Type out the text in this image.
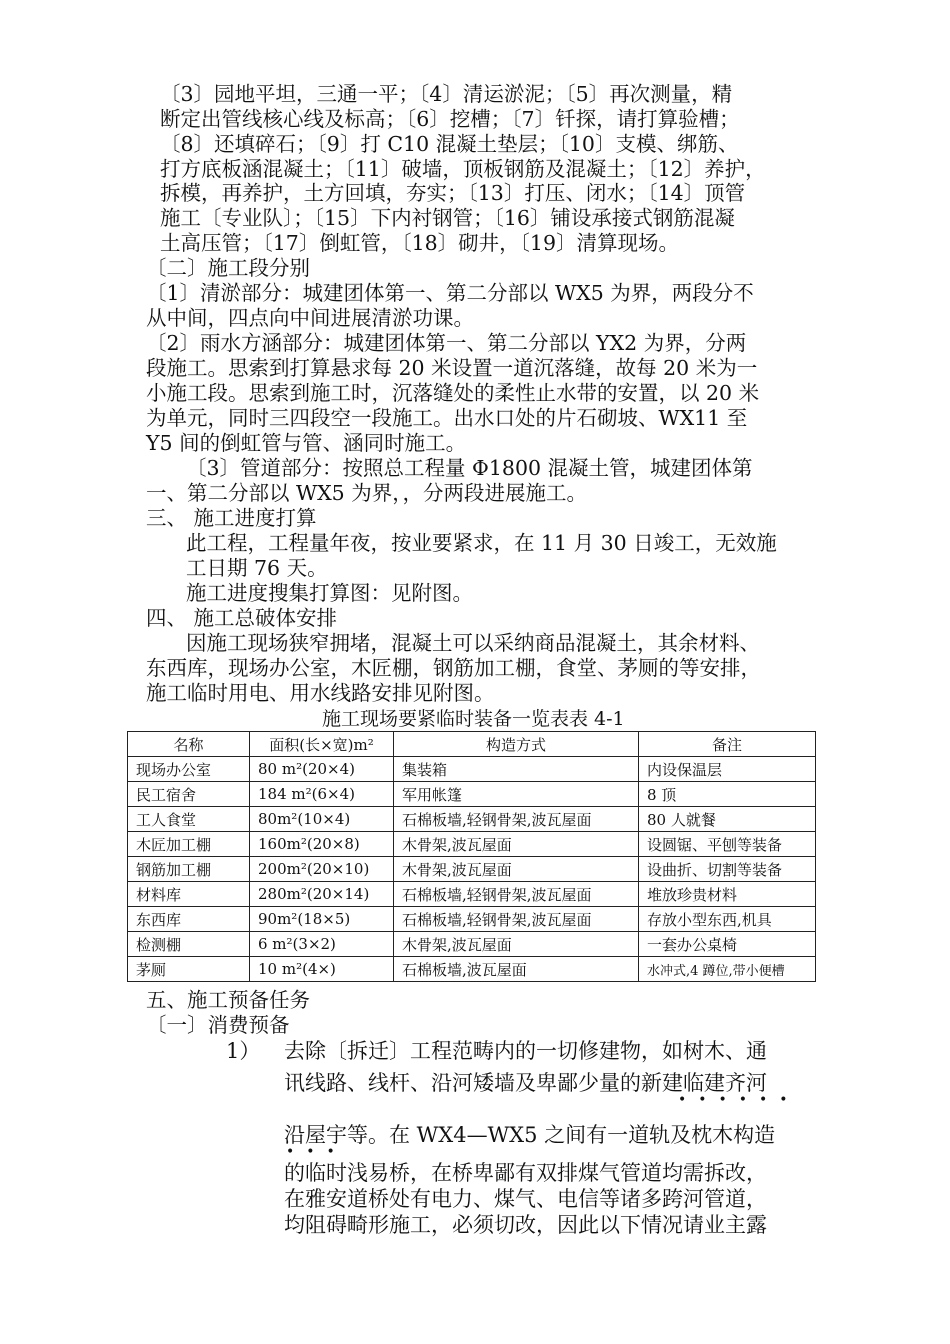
〔3〕园地平坦，三通一平；〔4〕清运淤泥；〔5〕再次测量，精
断定出管线核心线及标高；〔6〕挖槽；〔7〕钎探，请打算验槽；
〔8〕还填碎石；〔9〕打 C10 混凝土垫层；〔10〕支模、绑筋、
打方底板涵混凝土；〔11〕破墙，顶板钢筋及混凝土；〔12〕养护，
拆模，再养护，土方回填，夯实；〔13〕打压、闭水；〔14〕顶管
施工〔专业队〕；〔15〕下内衬钢管；〔16〕铺设承接式钢筋混凝
土高压管；〔17〕倒虹管，〔18〕砌井，〔19〕清算现场。
〔二〕施工段分别
〔1〕清淤部分：城建团体第一、第二分部以 WX5 为界，两段分不
从中间，四点向中间进展清淤功课。
〔2〕雨水方涵部分：城建团体第一、第二分部以 YX2 为界，分两
段施工。思索到打算悬求每 20 米设置一道沉落缝，故每 20 米为一
小施工段。思索到施工时，沉落缝处的柔性止水带的安置，以 20 米
为单元，同时三四段空一段施工。出水口处的片石砌坡、WX11 至
Y5 间的倒虹管与管、涵同时施工。
〔3〕管道部分：按照总工程量 Φ1800 混凝土管，城建团体第
一、第二分部以 WX5 为界，，分两段进展施工。
三、 施工进度打算
此工程，工程量年夜，按业要紧求，在 11 月 30 日竣工，无效施
工日期 76 天。
施工进度搜集打算图：见附图。
四、 施工总破体安排
因施工现场狭窄拥堵，混凝土可以采纳商品混凝土，其余材料、
东西库，现场办公室，木匠棚，钢筋加工棚，食堂、茅厕的等安排，
施工临时用电、用水线路安排见附图。
施工现场要紧临时装备一览表表 4-1
名称	面积(长×宽)m²	构造方式	备注
现场办公室	80 m²(20×4)	集装箱	内设保温层
民工宿舍	184 m²(6×4)	军用帐篷	8 顶
工人食堂	80m²(10×4)	石棉板墙,轻钢骨架,波瓦屋面	80 人就餐
木匠加工棚	160m²(20×8)	木骨架,波瓦屋面	设圆锯、平刨等装备
钢筋加工棚	200m²(20×10)	木骨架,波瓦屋面	设曲折、切割等装备
材料库	280m²(20×14)	石棉板墙,轻钢骨架,波瓦屋面	堆放珍贵材料
东西库	90m²(18×5)	石棉板墙,轻钢骨架,波瓦屋面	存放小型东西,机具
检测棚	6 m²(3×2)	木骨架,波瓦屋面	一套办公桌椅
茅厕	10 m²(4×)	石棉板墙,波瓦屋面	水冲式,4 蹲位,带小便槽
五、施工预备任务
〔一〕消费预备
1） 去除〔拆迁〕工程范畴内的一切修建物，如树木、通
讯线路、线杆、沿河矮墙及卑鄙少量的新建临建齐河
••••••
沿屋宇等。在 WX4—WX5 之间有一道轨及枕木构造
•••
的临时浅易桥，在桥卑鄙有双排煤气管道均需拆改，
在雅安道桥处有电力、煤气、电信等诸多跨河管道，
均阻碍畸形施工，必须切改，因此以下情况请业主露
